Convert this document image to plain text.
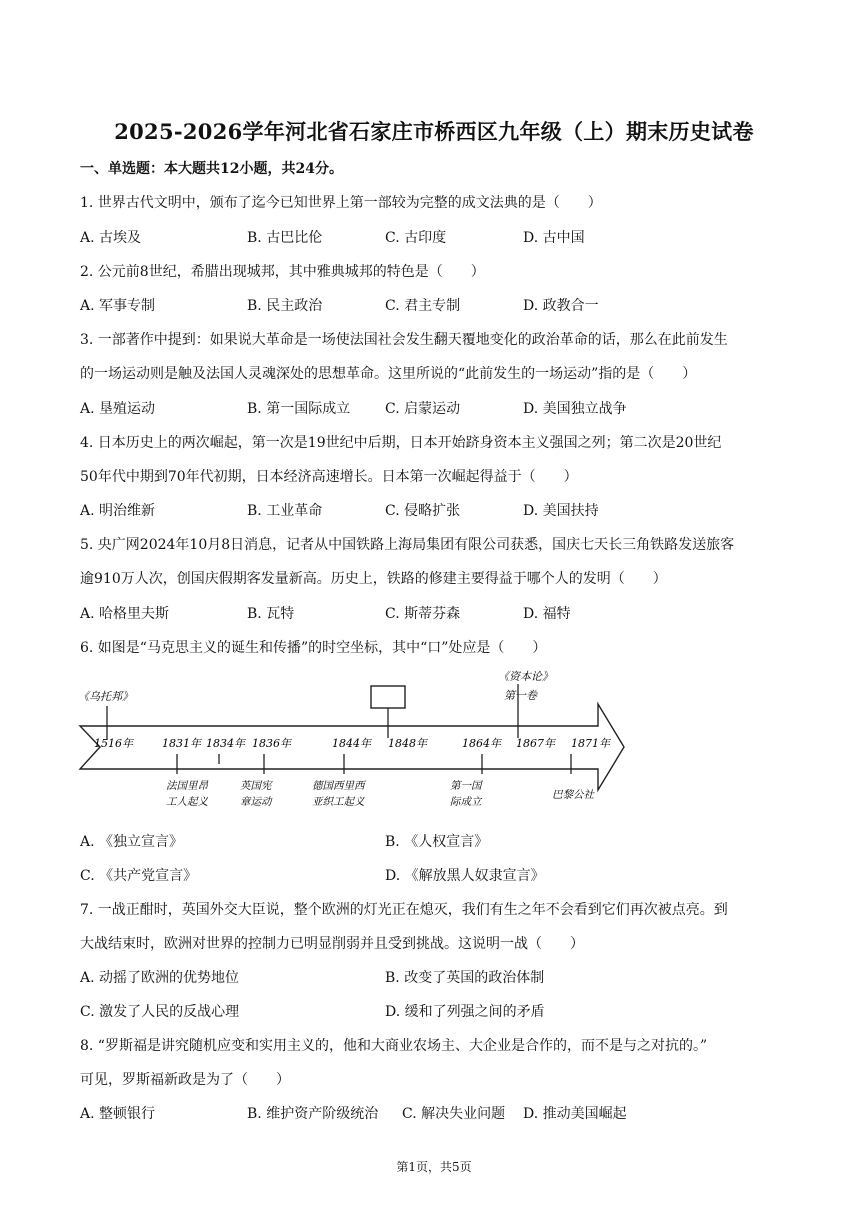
2025-2026学年河北省石家庄市桥西区九年级（上）期末历史试卷
一、单选题：本大题共12小题，共24分。
1. 世界古代文明中，颁布了迄今已知世界上第一部较为完整的成文法典的是（　　）
A. 古埃及	B. 古巴比伦	C. 古印度	D. 古中国
2. 公元前8世纪，希腊出现城邦，其中雅典城邦的特色是（　　）
A. 军事专制	B. 民主政治	C. 君主专制	D. 政教合一
3. 一部著作中提到：如果说大革命是一场使法国社会发生翻天覆地变化的政治革命的话，那么在此前发生
的一场运动则是触及法国人灵魂深处的思想革命。这里所说的“此前发生的一场运动”指的是（　　）
A. 垦殖运动	B. 第一国际成立 C. 启蒙运动	D. 美国独立战争
4. 日本历史上的两次崛起，第一次是19世纪中后期，日本开始跻身资本主义强国之列；第二次是20世纪
50年代中期到70年代初期，日本经济高速增长。日本第一次崛起得益于（　　）
A. 明治维新	B. 工业革命	C. 侵略扩张	D. 美国扶持
5. 央广网2024年10月8日消息，记者从中国铁路上海局集团有限公司获悉，国庆七天长三角铁路发送旅客
逾910万人次，创国庆假期客发量新高。历史上，铁路的修建主要得益于哪个人的发明（　　）
A. 哈格里夫斯	B. 瓦特	C. 斯蒂芬森	D. 福特
6. 如图是“马克思主义的诞生和传播”的时空坐标，其中“口”处应是（　　）
1516年	1831年 1834年 1836年	1844年 1848年	1864年 1867年 1871年
《乌托邦》
《资本论》
第一卷
法国里昂
工人起义
英国宪
章运动
德国西里西
亚织工起义
第一国
际成立
巴黎公社
A. 《独立宣言》	B. 《人权宣言》
C. 《共产党宣言》	D. 《解放黑人奴隶宣言》
7. 一战正酣时，英国外交大臣说，整个欧洲的灯光正在熄灭，我们有生之年不会看到它们再次被点亮。到
大战结束时，欧洲对世界的控制力已明显削弱并且受到挑战。这说明一战（　　）
A. 动摇了欧洲的优势地位	B. 改变了英国的政治体制
C. 激发了人民的反战心理	D. 缓和了列强之间的矛盾
8. “罗斯福是讲究随机应变和实用主义的，他和大商业农场主、大企业是合作的，而不是与之对抗的。”
可见，罗斯福新政是为了（　　）
A. 整顿银行	B. 维护资产阶级统治 C. 解决失业问题 D. 推动美国崛起
第1页，共5页
